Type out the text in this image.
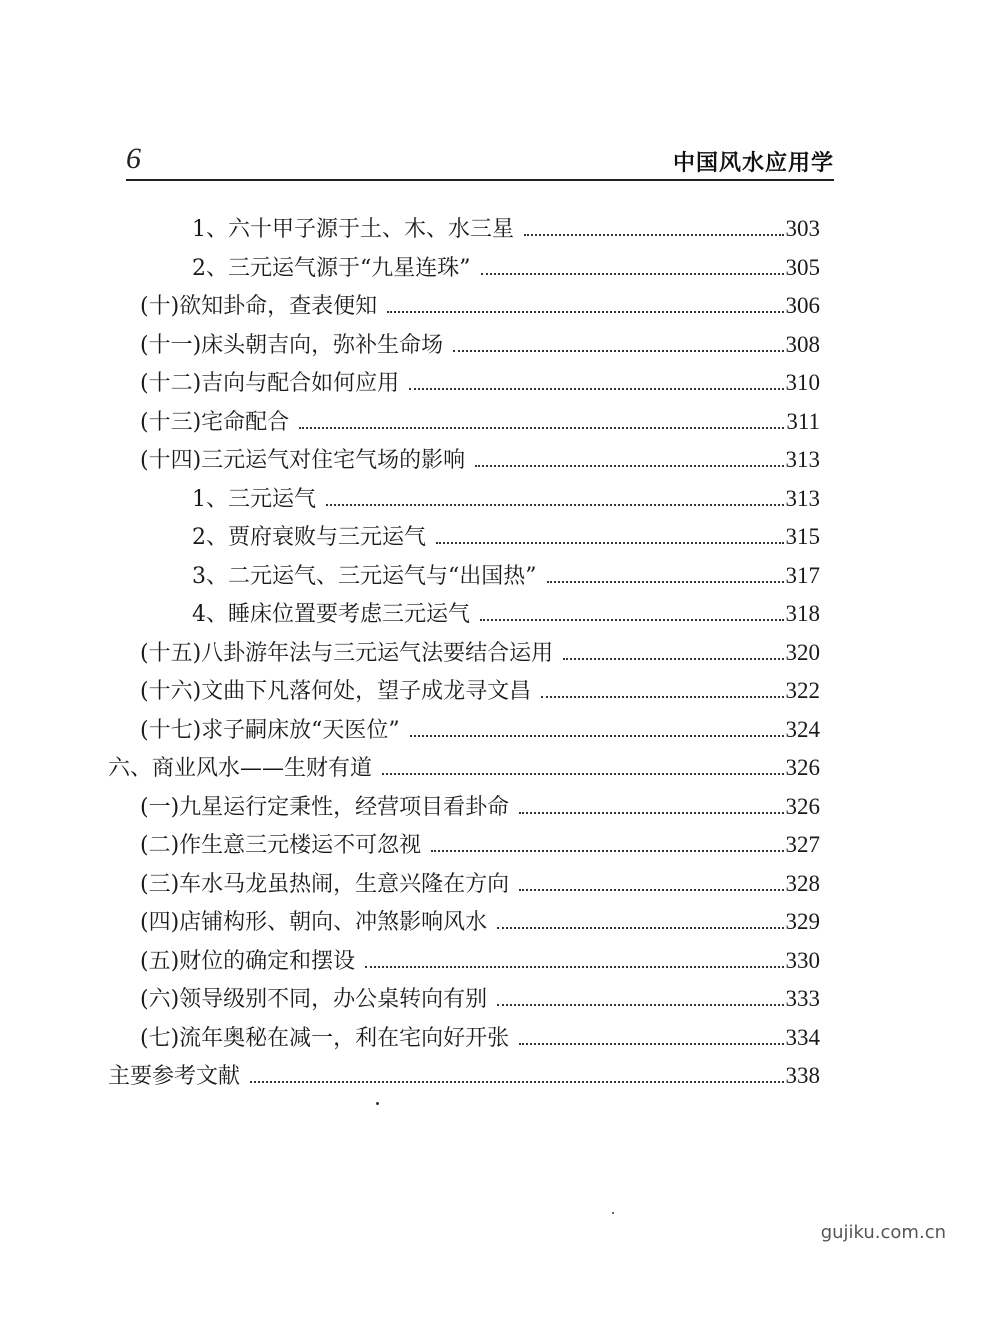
6	中国风水应用学
1、六十甲子源于土、木、水三星	303
2、三元运气源于“九星连珠”	305
(十)欲知卦命，查表便知	306
(十一)床头朝吉向，弥补生命场	308
(十二)吉向与配合如何应用	310
(十三)宅命配合	311
(十四)三元运气对住宅气场的影响	313
1、三元运气	313
2、贾府衰败与三元运气	315
3、二元运气、三元运气与“出国热”	317
4、睡床位置要考虑三元运气	318
(十五)八卦游年法与三元运气法要结合运用	320
(十六)文曲下凡落何处，望子成龙寻文昌	322
(十七)求子嗣床放“天医位”	324
六、商业风水——生财有道	326
(一)九星运行定秉性，经营项目看卦命	326
(二)作生意三元楼运不可忽视	327
(三)车水马龙虽热闹，生意兴隆在方向	328
(四)店铺构形、朝向、冲煞影响风水	329
(五)财位的确定和摆设	330
(六)领导级别不同，办公桌转向有别	333
(七)流年奥秘在减一，利在宅向好开张	334
主要参考文献	338
gujiku.com.cn
